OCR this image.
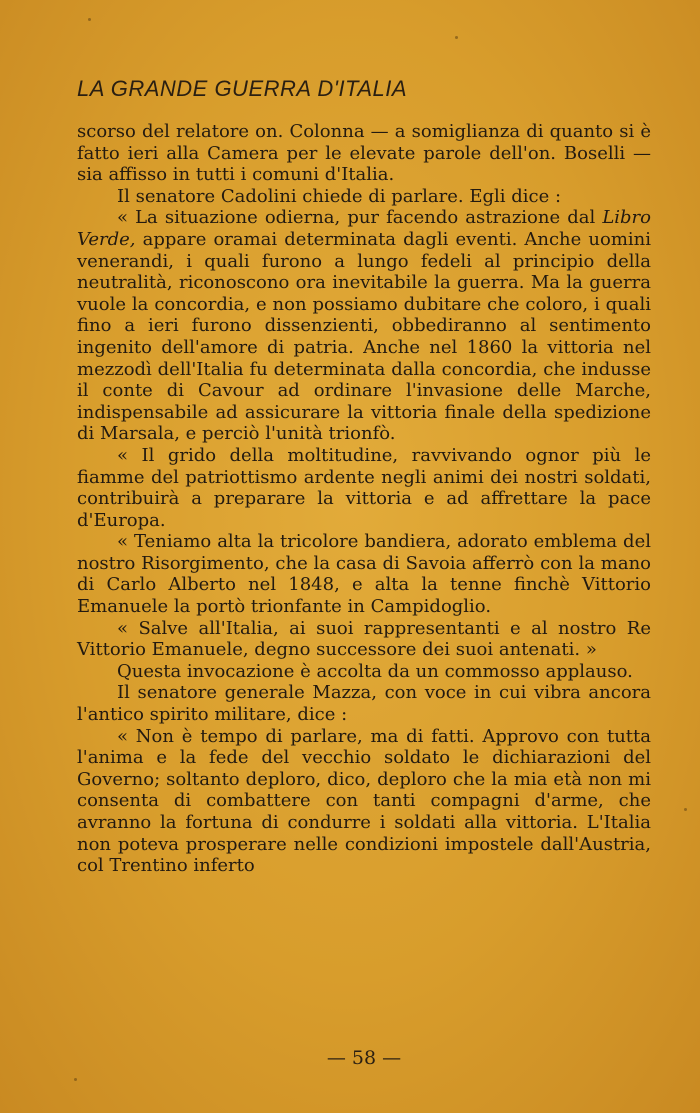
LA GRANDE GUERRA D'ITALIA

scorso del relatore on. Colonna — a somiglianza di quanto si è fatto ieri alla Camera per le elevate parole dell'on. Boselli — sia affisso in tutti i comuni d'Italia.

Il senatore Cadolini chiede di parlare. Egli dice :

« La situazione odierna, pur facendo astrazione dal Libro Verde, appare oramai determinata dagli eventi. Anche uomini venerandi, i quali furono a lungo fedeli al principio della neutralità, riconoscono ora inevitabile la guerra. Ma la guerra vuole la concordia, e non possiamo dubitare che coloro, i quali fino a ieri furono dissenzienti, obbediranno al sentimento ingenito dell'amore di patria. Anche nel 1860 la vittoria nel mezzodì dell'Italia fu determinata dalla concordia, che indusse il conte di Cavour ad ordinare l'invasione delle Marche, indispensabile ad assicurare la vittoria finale della spedizione di Marsala, e perciò l'unità trionfò.

« Il grido della moltitudine, ravvivando ognor più le fiamme del patriottismo ardente negli animi dei nostri soldati, contribuirà a preparare la vittoria e ad affrettare la pace d'Europa.

« Teniamo alta la tricolore bandiera, adorato emblema del nostro Risorgimento, che la casa di Savoia afferrò con la mano di Carlo Alberto nel 1848, e alta la tenne finchè Vittorio Emanuele la portò trionfante in Campidoglio.

« Salve all'Italia, ai suoi rappresentanti e al nostro Re Vittorio Emanuele, degno successore dei suoi antenati. »

Questa invocazione è accolta da un commosso applauso.

Il senatore generale Mazza, con voce in cui vibra ancora l'antico spirito militare, dice :

« Non è tempo di parlare, ma di fatti. Approvo con tutta l'anima e la fede del vecchio soldato le dichiarazioni del Governo; soltanto deploro, dico, deploro che la mia età non mi consenta di combattere con tanti compagni d'arme, che avranno la fortuna di condurre i soldati alla vittoria. L'Italia non poteva prosperare nelle condizioni impostele dall'Austria, col Trentino inferto

— 58 —
